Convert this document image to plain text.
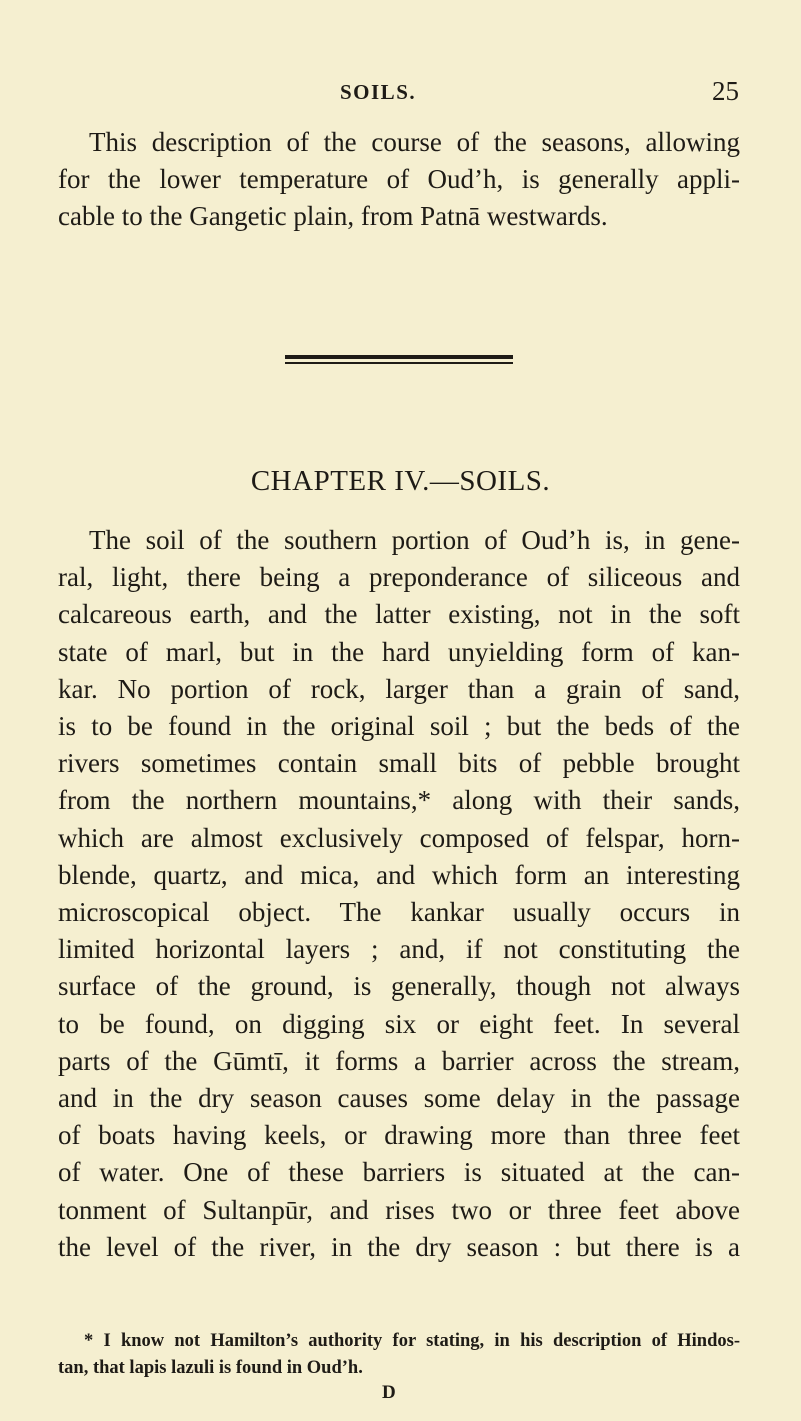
SOILS.	25
This description of the course of the seasons, allowing
for the lower temperature of Oud’h, is generally appli-
cable to the Gangetic plain, from Patnā westwards.
CHAPTER IV.—SOILS.
The soil of the southern portion of Oud’h is, in gene-
ral, light, there being a preponderance of siliceous and
calcareous earth, and the latter existing, not in the soft
state of marl, but in the hard unyielding form of kan-
kar. No portion of rock, larger than a grain of sand,
is to be found in the original soil ; but the beds of the
rivers sometimes contain small bits of pebble brought
from the northern mountains,* along with their sands,
which are almost exclusively composed of felspar, horn-
blende, quartz, and mica, and which form an interesting
microscopical object. The kankar usually occurs in
limited horizontal layers ; and, if not constituting the
surface of the ground, is generally, though not always
to be found, on digging six or eight feet. In several
parts of the Gūmtī, it forms a barrier across the stream,
and in the dry season causes some delay in the passage
of boats having keels, or drawing more than three feet
of water. One of these barriers is situated at the can-
tonment of Sultanpūr, and rises two or three feet above
the level of the river, in the dry season : but there is a
* I know not Hamilton’s authority for stating, in his description of Hindos-
tan, that lapis lazuli is found in Oud’h.
D
